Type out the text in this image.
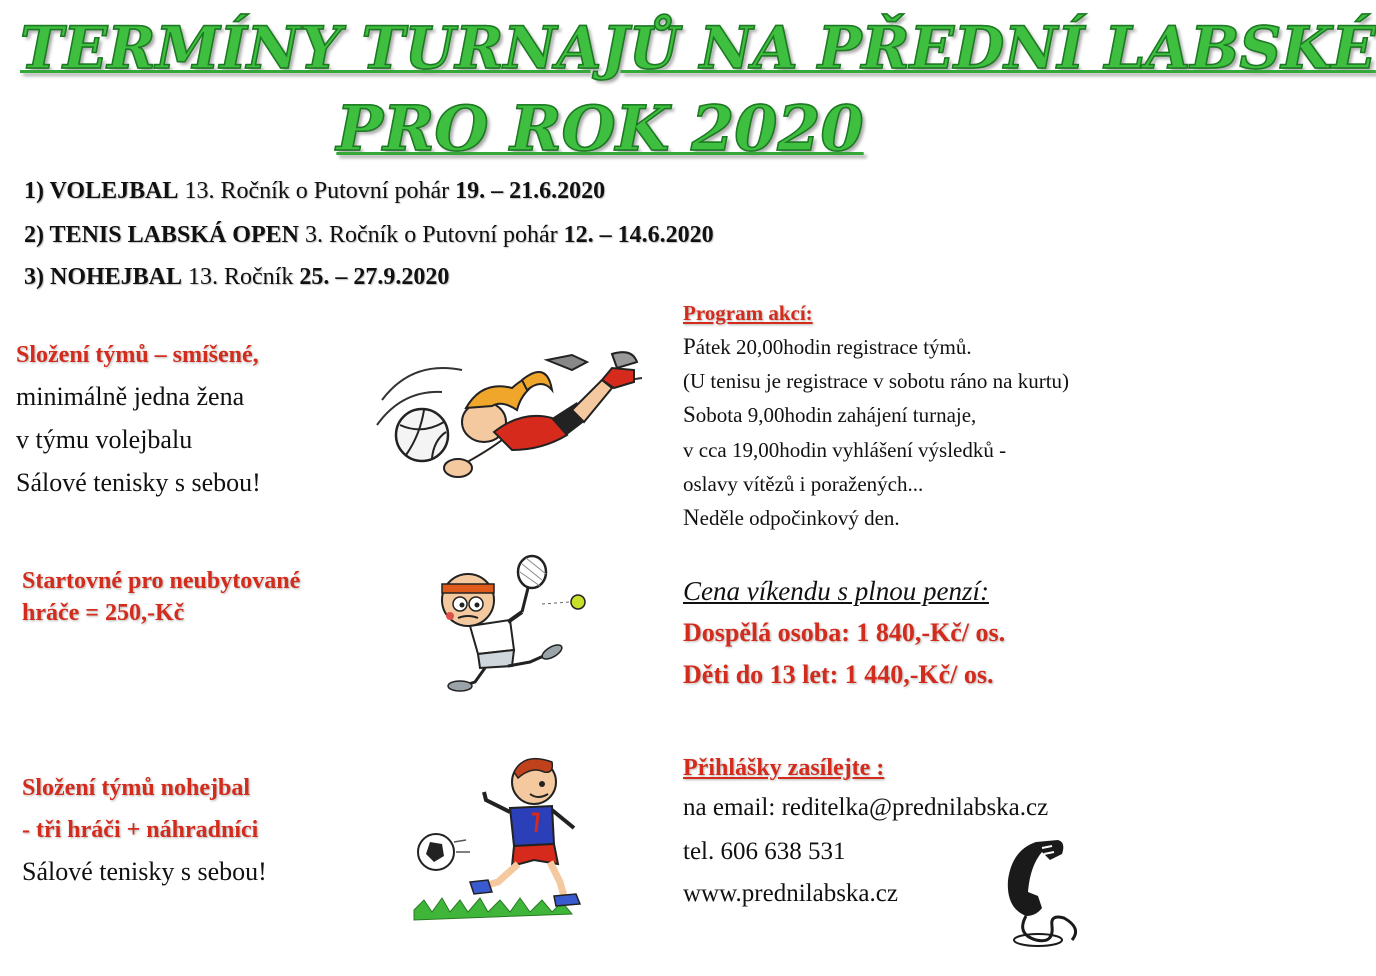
TERMÍNY TURNAJŮ NA PŘEDNÍ LABSKÉ
PRO ROK 2020
1) VOLEJBAL 13. Ročník o Putovní pohár 19. – 21.6.2020
2) TENIS LABSKÁ OPEN 3. Ročník o Putovní pohár 12. – 14.6.2020
3) NOHEJBAL 13. Ročník 25. – 27.9.2020
Složení týmů – smíšené,
minimálně jedna žena
v týmu volejbalu
Sálové tenisky s sebou!
Startovné pro neubytované
hráče = 250,-Kč
Složení týmů nohejbal
- tři hráči + náhradníci
Sálové tenisky s sebou!
Program akcí:
Pátek 20,00hodin registrace týmů.
(U tenisu je registrace v sobotu ráno na kurtu)
Sobota 9,00hodin zahájení turnaje,
v cca 19,00hodin vyhlášení výsledků -
oslavy vítězů i poražených...
Neděle odpočinkový den.
Cena víkendu s plnou penzí:
Dospělá osoba: 1 840,-Kč/ os.
Děti do 13 let: 1 440,-Kč/ os.
Přihlášky zasílejte :
na email: reditelka@prednilabska.cz
tel. 606 638 531
www.prednilabska.cz
